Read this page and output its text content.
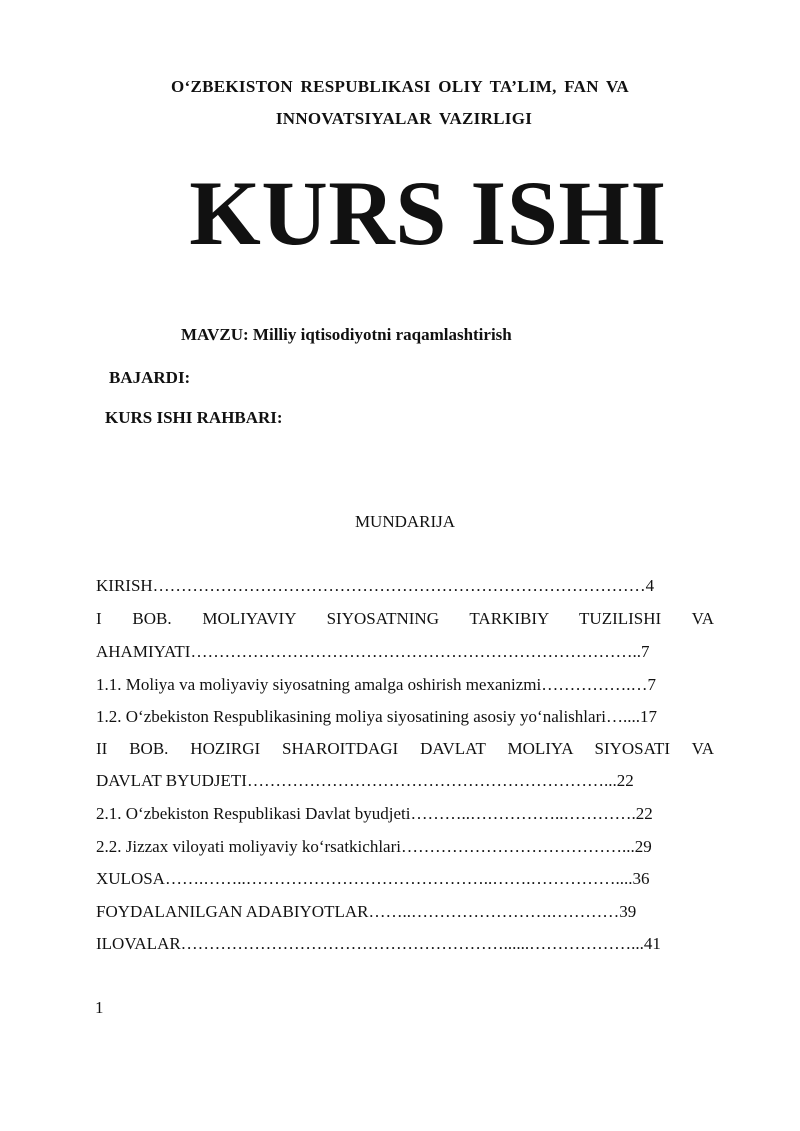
O‘ZBEKISTON RESPUBLIKASI OLIY TA’LIM, FAN VA
INNOVATSIYALAR VAZIRLIGI
KURS ISHI
MAVZU: Milliy iqtisodiyotni raqamlashtirish
BAJARDI:
KURS ISHI RAHBARI:
MUNDARIJA
KIRISH……………………………………………………………………………4
I BOB. MOLIYAVIY SIYOSATNING TARKIBIY TUZILISHI VA
AHAMIYATI……………………………………………………………………..7
1.1. Moliya va moliyaviy siyosatning amalga oshirish mexanizmi…………….…7
1.2. O‘zbekiston Respublikasining moliya siyosatining asosiy yo‘nalishlari…....17
II BOB. HOZIRGI SHAROITDAGI DAVLAT MOLIYA SIYOSATI VA
DAVLAT BYUDJETI………………………………………………………...22
2.1. O‘zbekiston Respublikasi Davlat byudjeti………..……………..………….22
2.2. Jizzax viloyati moliyaviy ko‘rsatkichlari…………………………………...29
XULOSA…….……..……………………………………..…….……………....36
FOYDALANILGAN ADABIYOTLAR……..…………………….…………39
ILOVALAR…………………………………………………......………………...41
1
